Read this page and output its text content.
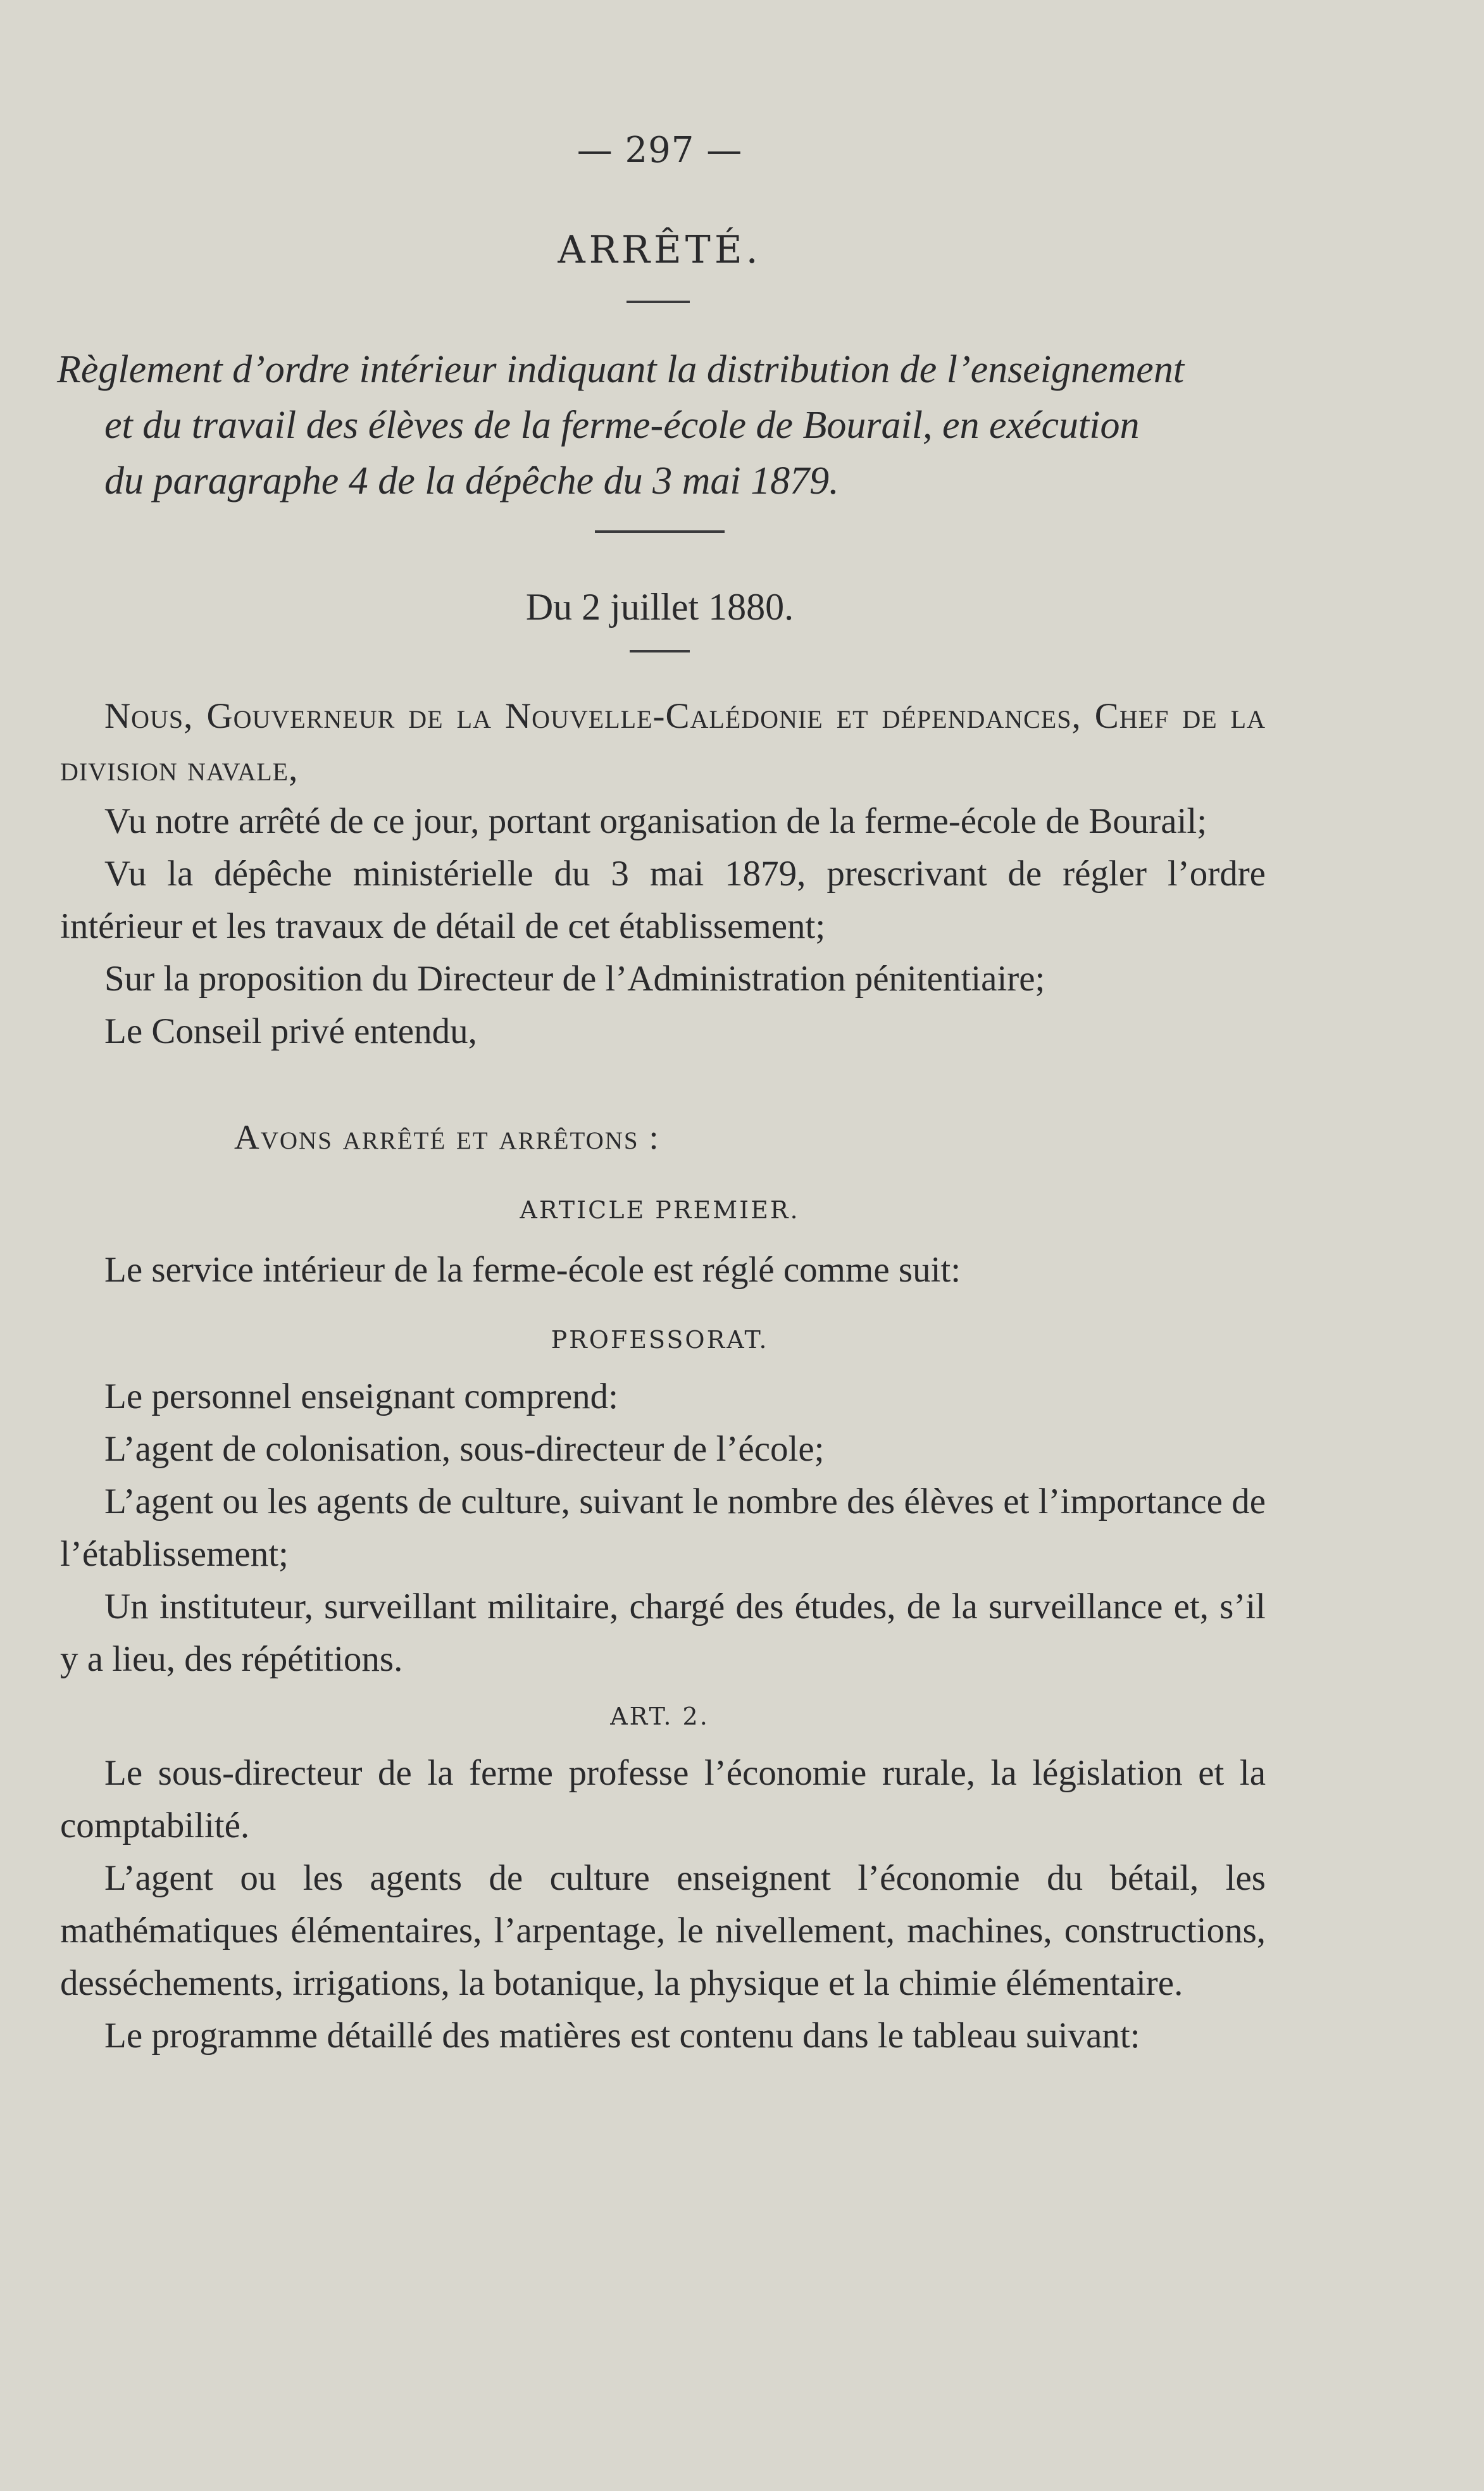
— 297 —
ARRÊTÉ.
Règlement d’ordre intérieur indiquant la distribution de l’enseignement
et du travail des élèves de la ferme-école de Bourail, en exécution
du paragraphe 4 de la dépêche du 3 mai 1879.
Du 2 juillet 1880.

Nous, Gouverneur de la Nouvelle-Calédonie et dépendances, Chef de la division navale,

Vu notre arrêté de ce jour, portant organisation de la ferme-école de Bourail;

Vu la dépêche ministérielle du 3 mai 1879, prescrivant de régler l’ordre intérieur et les travaux de détail de cet établissement;

Sur la proposition du Directeur de l’Administration pénitentiaire;

Le Conseil privé entendu,

Avons arrêté et arrêtons :
ARTICLE PREMIER.

Le service intérieur de la ferme-école est réglé comme suit:

PROFESSORAT.

Le personnel enseignant comprend:

L’agent de colonisation, sous-directeur de l’école;

L’agent ou les agents de culture, suivant le nombre des élèves et l’importance de l’établissement;

Un instituteur, surveillant militaire, chargé des études, de la surveillance et, s’il y a lieu, des répétitions.

ART. 2.

Le sous-directeur de la ferme professe l’économie rurale, la législation et la comptabilité.

L’agent ou les agents de culture enseignent l’économie du bétail, les mathématiques élémentaires, l’arpentage, le nivellement, machines, constructions, desséchements, irrigations, la botanique, la physique et la chimie élémentaire.

Le programme détaillé des matières est contenu dans le tableau suivant:
